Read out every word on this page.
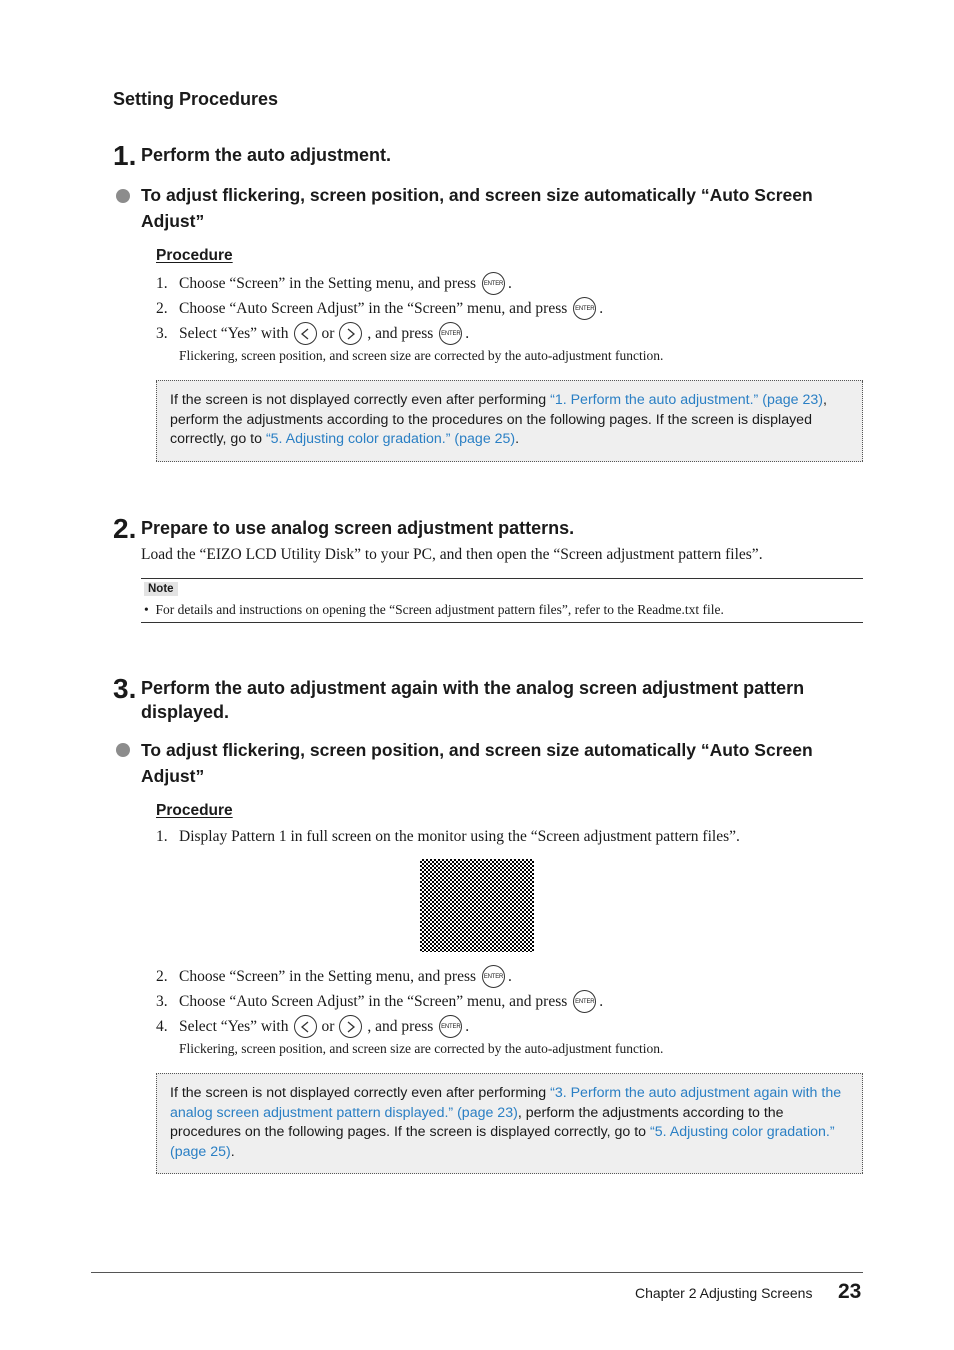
Setting Procedures
1. Perform the auto adjustment.
To adjust flickering, screen position, and screen size automatically “Auto Screen Adjust”
Procedure
1. Choose “Screen” in the Setting menu, and press	ENTER .
2. Choose “Auto Screen Adjust” in the “Screen” menu, and press	ENTER .
3. Select “Yes” with or , and press	ENTER .
Flickering, screen position, and screen size are corrected by the auto-adjustment function.
If the screen is not displayed correctly even after performing “1. Perform the auto adjustment.” (page 23), perform the adjustments according to the procedures on the following pages. If the screen is displayed correctly, go to “5. Adjusting color gradation.” (page 25).
2. Prepare to use analog screen adjustment patterns.
Load the “EIZO LCD Utility Disk” to your PC, and then open the “Screen adjustment pattern files”.
Note
• For details and instructions on opening the “Screen adjustment pattern files”, refer to the Readme.txt file.
3. Perform the auto adjustment again with the analog screen adjustment pattern displayed.
To adjust flickering, screen position, and screen size automatically “Auto Screen Adjust”
Procedure
1. Display Pattern 1 in full screen on the monitor using the “Screen adjustment pattern files”.
2. Choose “Screen” in the Setting menu, and press	ENTER .
3. Choose “Auto Screen Adjust” in the “Screen” menu, and press	ENTER .
4. Select “Yes” with or , and press	ENTER .
Flickering, screen position, and screen size are corrected by the auto-adjustment function.
If the screen is not displayed correctly even after performing “3. Perform the auto adjustment again with the analog screen adjustment pattern displayed.” (page 23), perform the adjustments according to the procedures on the following pages. If the screen is displayed correctly, go to “5. Adjusting color gradation.” (page 25).
Chapter 2 Adjusting Screens 23
